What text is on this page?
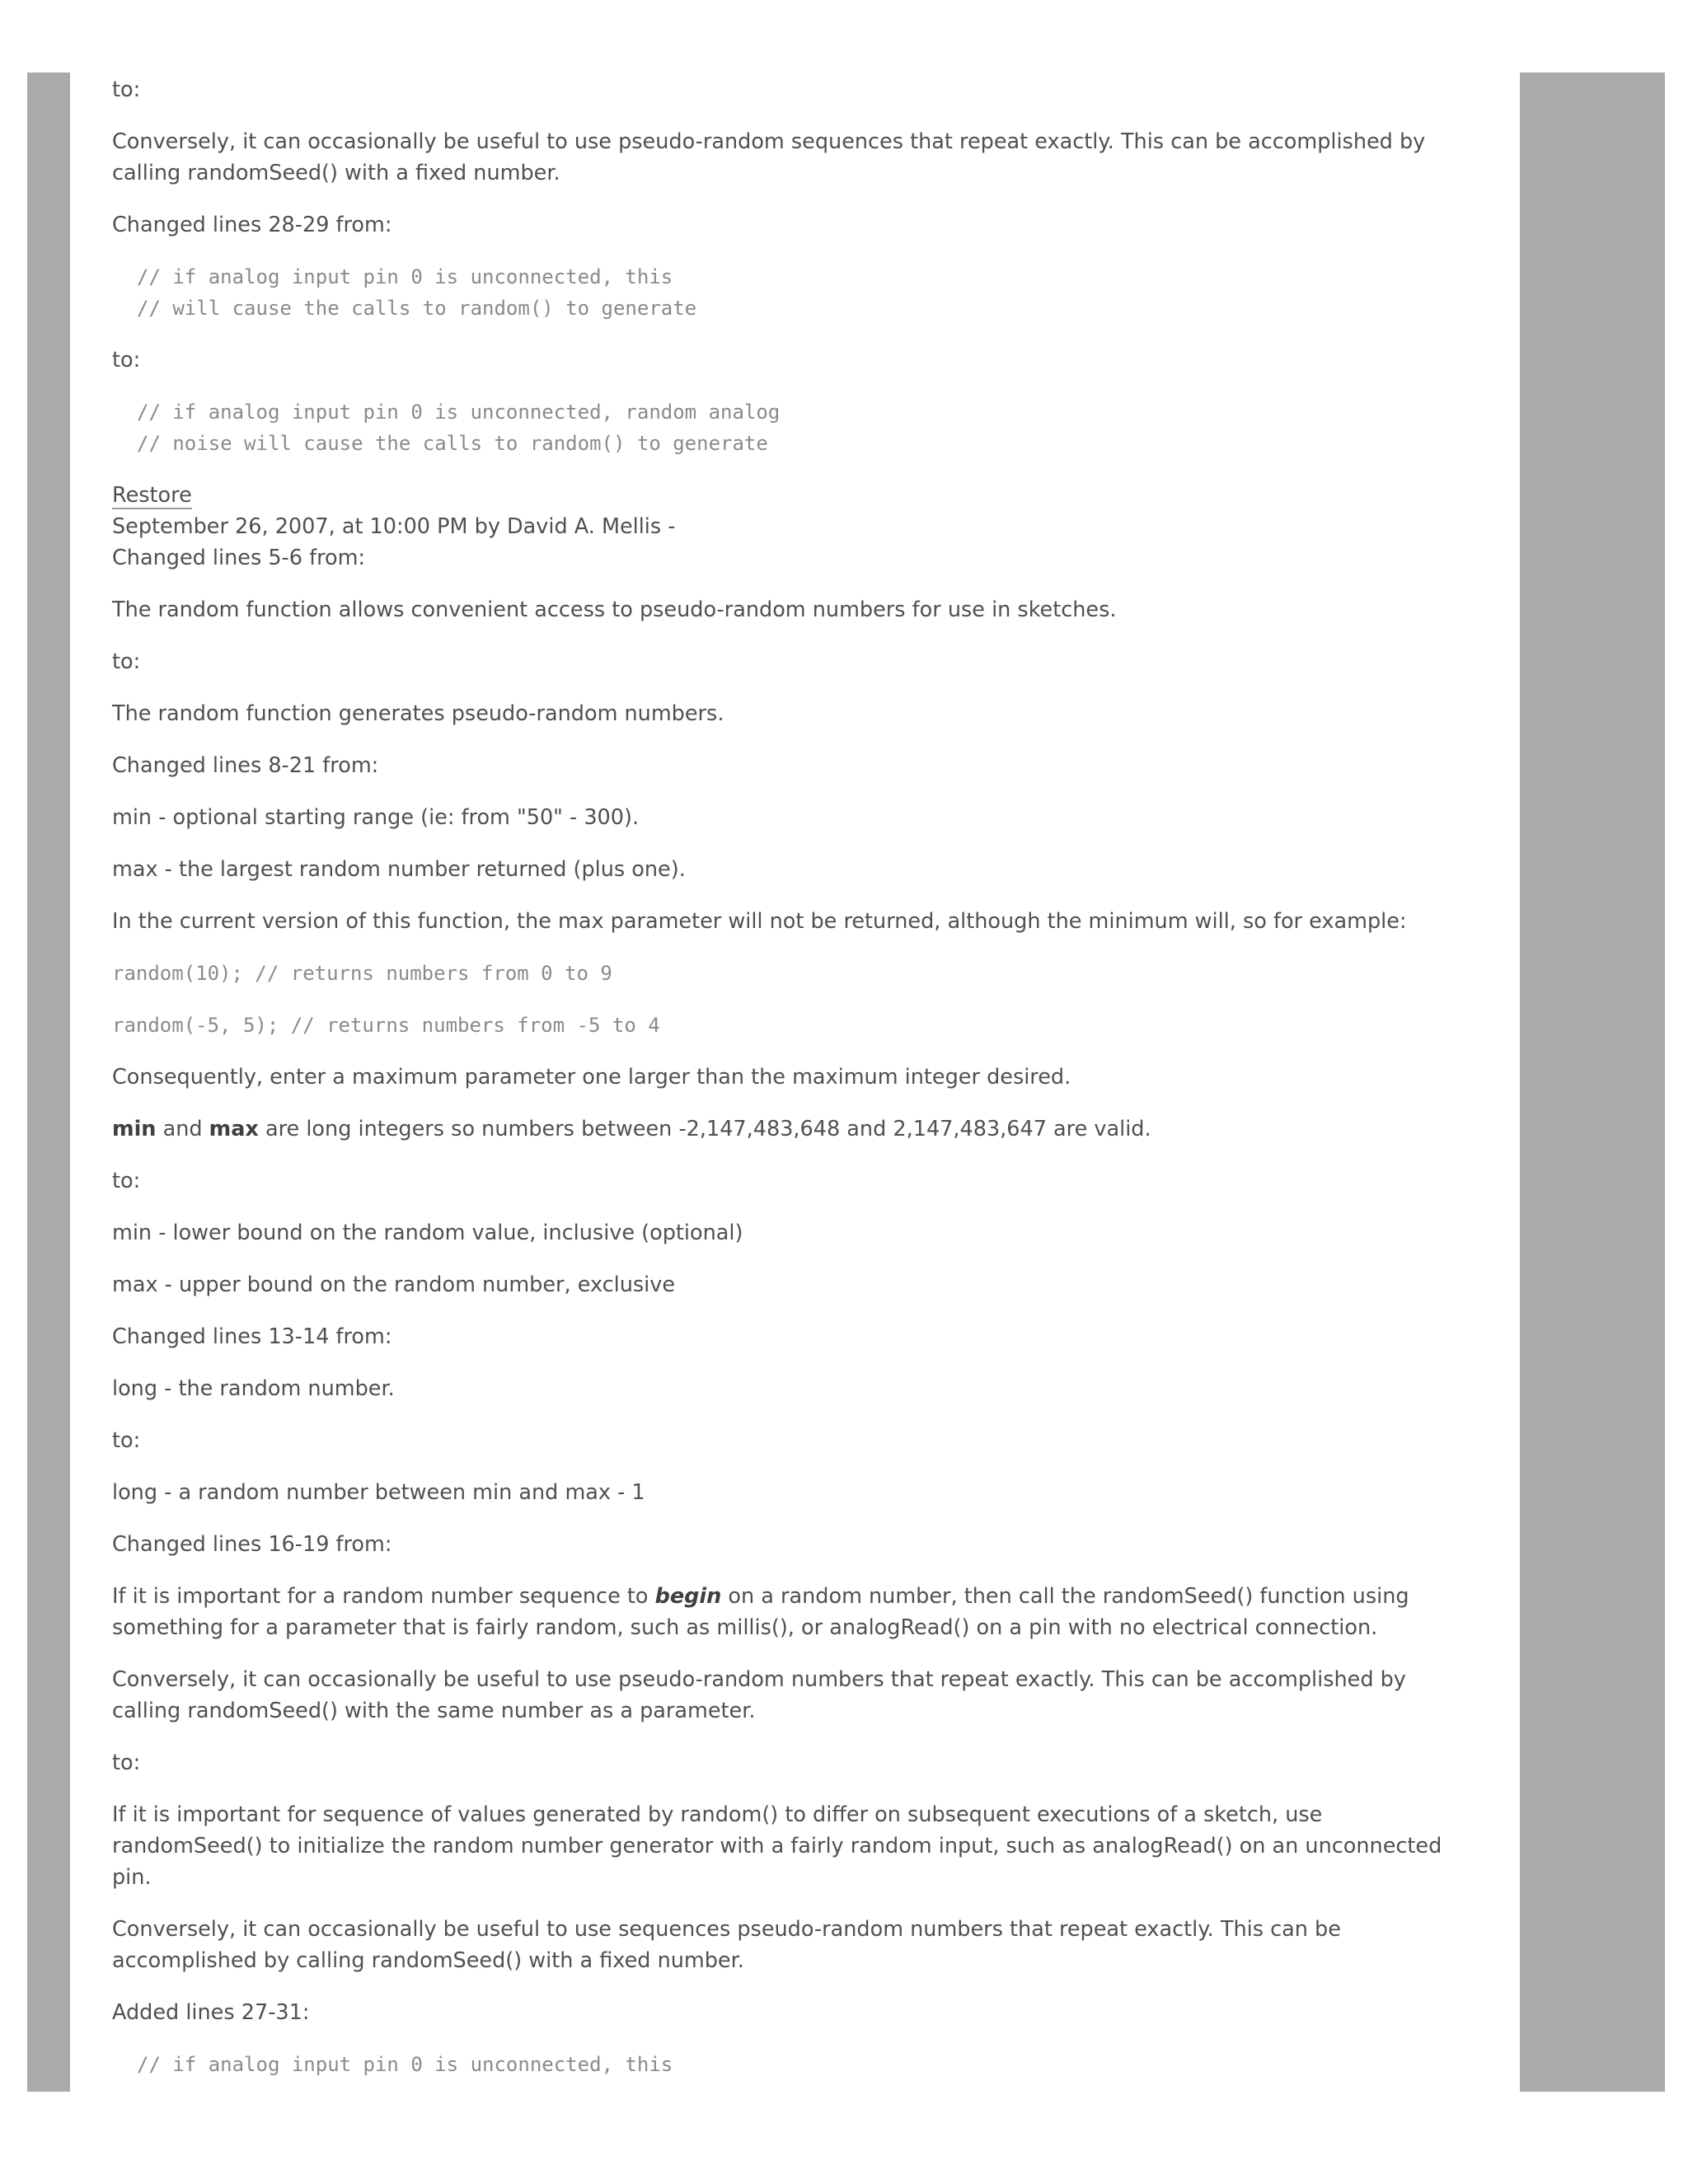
to:

Conversely, it can occasionally be useful to use pseudo-random sequences that repeat exactly. This can be accomplished by calling randomSeed() with a fixed number.

Changed lines 28-29 from:

// if analog input pin 0 is unconnected, this
// will cause the calls to random() to generate

to:

// if analog input pin 0 is unconnected, random analog
// noise will cause the calls to random() to generate

Restore

September 26, 2007, at 10:00 PM by David A. Mellis -

Changed lines 5-6 from:

The random function allows convenient access to pseudo-random numbers for use in sketches.

to:

The random function generates pseudo-random numbers.

Changed lines 8-21 from:

min - optional starting range (ie: from "50" - 300).

max - the largest random number returned (plus one).

In the current version of this function, the max parameter will not be returned, although the minimum will, so for example:

random(10); // returns numbers from 0 to 9

random(-5, 5); // returns numbers from -5 to 4

Consequently, enter a maximum parameter one larger than the maximum integer desired.

min and max are long integers so numbers between -2,147,483,648 and 2,147,483,647 are valid.

to:

min - lower bound on the random value, inclusive (optional)

max - upper bound on the random number, exclusive

Changed lines 13-14 from:

long - the random number.

to:

long - a random number between min and max - 1

Changed lines 16-19 from:

If it is important for a random number sequence to begin on a random number, then call the randomSeed() function using something for a parameter that is fairly random, such as millis(), or analogRead() on a pin with no electrical connection.

Conversely, it can occasionally be useful to use pseudo-random numbers that repeat exactly. This can be accomplished by calling randomSeed() with the same number as a parameter.

to:

If it is important for sequence of values generated by random() to differ on subsequent executions of a sketch, use randomSeed() to initialize the random number generator with a fairly random input, such as analogRead() on an unconnected pin.

Conversely, it can occasionally be useful to use sequences pseudo-random numbers that repeat exactly. This can be accomplished by calling randomSeed() with a fixed number.

Added lines 27-31:

// if analog input pin 0 is unconnected, this
